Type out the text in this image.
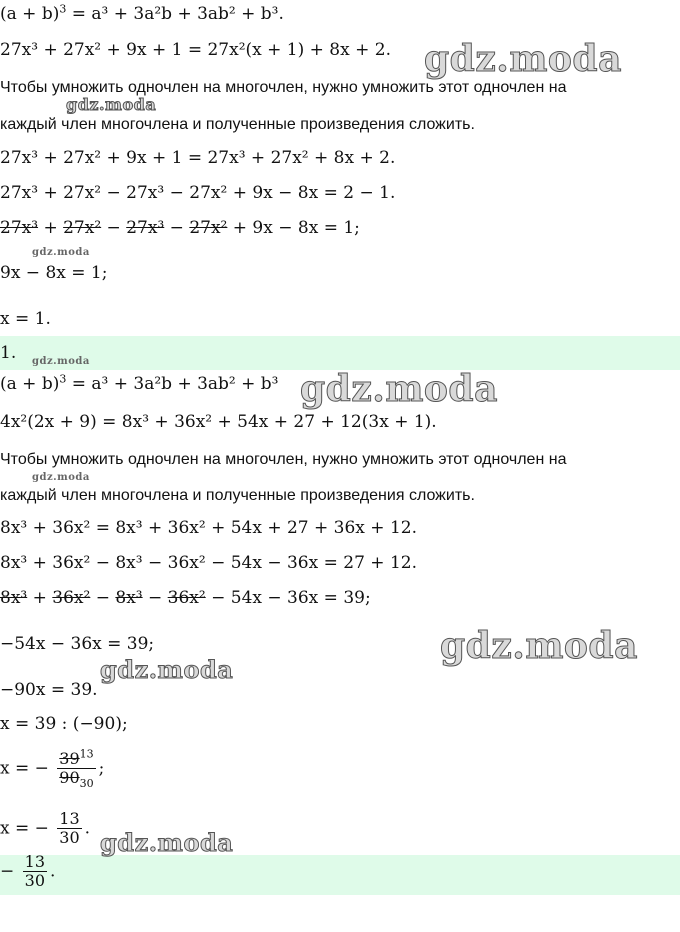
$(a + b)^3 = a^3 + 3a^2b + 3ab^2 + b^3$.
27x³ + 27x² + 9x + 1 = 27x²(x + 1) + 8x + 2.
Чтобы умножить одночлен на многочлен, нужно умножить этот одночлен на
каждый член многочлена и полученные произведения сложить.
27x³ + 27x² + 9x + 1 = 27x³ + 27x² + 8x + 2.
27x³ + 27x² − 27x³ − 27x² + 9x − 8x = 2 − 1.
27x³ + 27x² − 27x³ − 27x² + 9x − 8x = 1;
9x − 8x = 1;
x = 1.
1.
$(a + b)^3 = a^3 + 3a^2b + 3ab^2 + b^3$
4x²(2x + 9) = 8x³ + 36x² + 54x + 27 + 12(3x + 1).
Чтобы умножить одночлен на многочлен, нужно умножить этот одночлен на
каждый член многочлена и полученные произведения сложить.
8x³ + 36x² = 8x³ + 36x² + 54x + 27 + 36x + 12.
8x³ + 36x² − 8x³ − 36x² − 54x − 36x = 27 + 12.
8x³ + 36x² − 8x³ − 36x² − 54x − 36x = 39;
−54x − 36x = 39;
−90x = 39.
x = 39 : (−90);
x = − $\frac{39^{13}}{90_{30}}$ ;
x = − $\frac{13}{30}$ .
− $\frac{13}{30}$ .
gdz.moda
gdz.moda
gdz.moda
gdz.moda
gdz.moda
gdz.moda
gdz.moda
gdz.moda
gdz.moda
